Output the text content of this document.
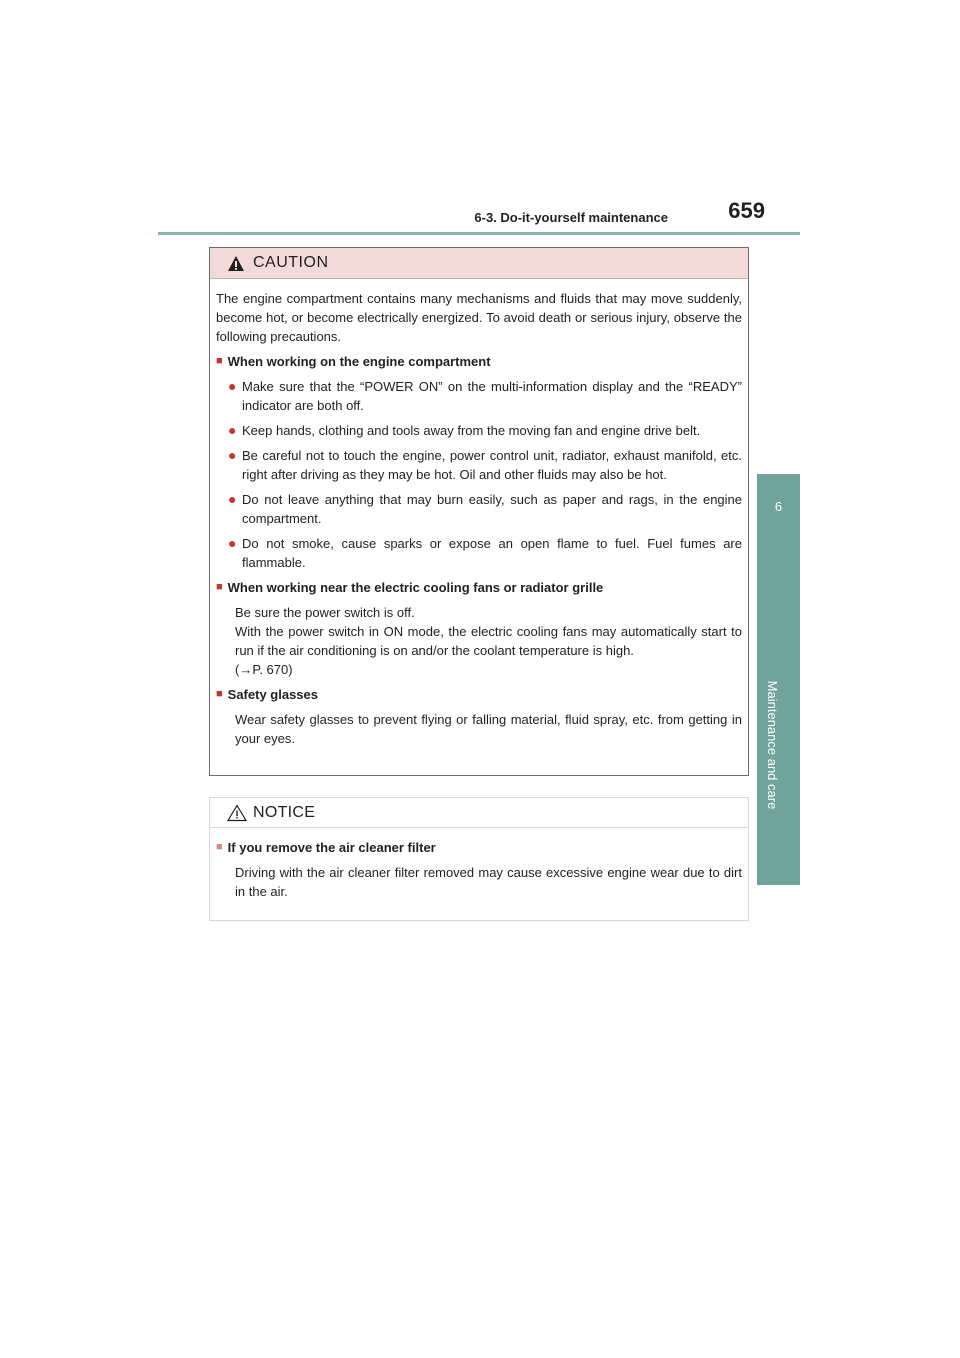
6-3. Do-it-yourself maintenance	659
6
Maintenance and care
CAUTION

The engine compartment contains many mechanisms and fluids that may move suddenly, become hot, or become electrically energized. To avoid death or serious injury, observe the following precautions.

■ When working on the engine compartment
● Make sure that the “POWER ON” on the multi-information display and the “READY” indicator are both off.
● Keep hands, clothing and tools away from the moving fan and engine drive belt.
● Be careful not to touch the engine, power control unit, radiator, exhaust manifold, etc. right after driving as they may be hot. Oil and other fluids may also be hot.
● Do not leave anything that may burn easily, such as paper and rags, in the engine compartment.
● Do not smoke, cause sparks or expose an open flame to fuel. Fuel fumes are flammable.
■ When working near the electric cooling fans or radiator grille

Be sure the power switch is off.

With the power switch in ON mode, the electric cooling fans may automatically start to run if the air conditioning is on and/or the coolant temperature is high.

(→P. 670)

■ Safety glasses

Wear safety glasses to prevent flying or falling material, fluid spray, etc. from getting in your eyes.

NOTICE
■ If you remove the air cleaner filter

Driving with the air cleaner filter removed may cause excessive engine wear due to dirt in the air.
